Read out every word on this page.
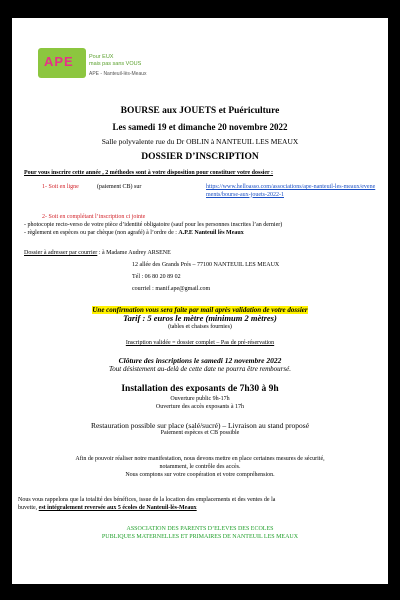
APE	Pour EUX
mais pas sans VOUS
APE - Nanteuil-lès-Meaux
BOURSE aux JOUETS et Puériculture
Les samedi 19 et dimanche 20 novembre 2022
Salle polyvalente rue du Dr OBLIN à NANTEUIL LES MEAUX
DOSSIER D’INSCRIPTION
Pour vous inscrire cette année , 2 méthodes sont à votre disposition pour constituer votre dossier :
1- Soit en ligne	(paiement CB) sur	https://www.helloasso.com/associations/ape-nanteuil-les-meaux/evenements/bourse-aux-jouets-2022-1
2- Soit en complétant l’inscription ci jointe
- photocopie recto-verso de votre pièce d’identité obligatoire (sauf pour les personnes inscrites l’an dernier)
- règlement en espèces ou par chèque (non agrafé) à l’ordre de : A.P.E Nanteuil lès Meaux
Dossier à adresser par courrier : à Madame Audrey ARSENE
12 allée des Grands Prés – 77100 NANTEUIL LES MEAUX
Tél : 06 80 20 89 02
courriel : manif.ape@gmail.com
Une confirmation vous sera faite par mail après validation de votre dossier
Tarif : 5 euros le mètre (minimum 2 mètres)
(tables et chaises fournies)
Inscription validée = dossier complet – Pas de pré-réservation
Clôture des inscriptions le samedi 12 novembre 2022
Tout désistement au-delà de cette date ne pourra être remboursé.
Installation des exposants de 7h30 à 9h
Ouverture public 9h-17h
Ouverture des accès exposants à 17h
Restauration possible sur place (salé/sucré) – Livraison au stand proposé
Paiement espèces et CB possible
Afin de pouvoir réaliser notre manifestation, nous devons mettre en place certaines mesures de sécurité,
notamment, le contrôle des accès.
Nous comptons sur votre coopération et votre compréhension.
Nous vous rappelons que la totalité des bénéfices, issue de la location des emplacements et des ventes de la
buvette, est intégralement reversée aux 5 écoles de Nanteuil-lès-Meaux
ASSOCIATION DES PARENTS D’ELEVES DES ECOLES
PUBLIQUES MATERNELLES ET PRIMAIRES DE NANTEUIL LES MEAUX
